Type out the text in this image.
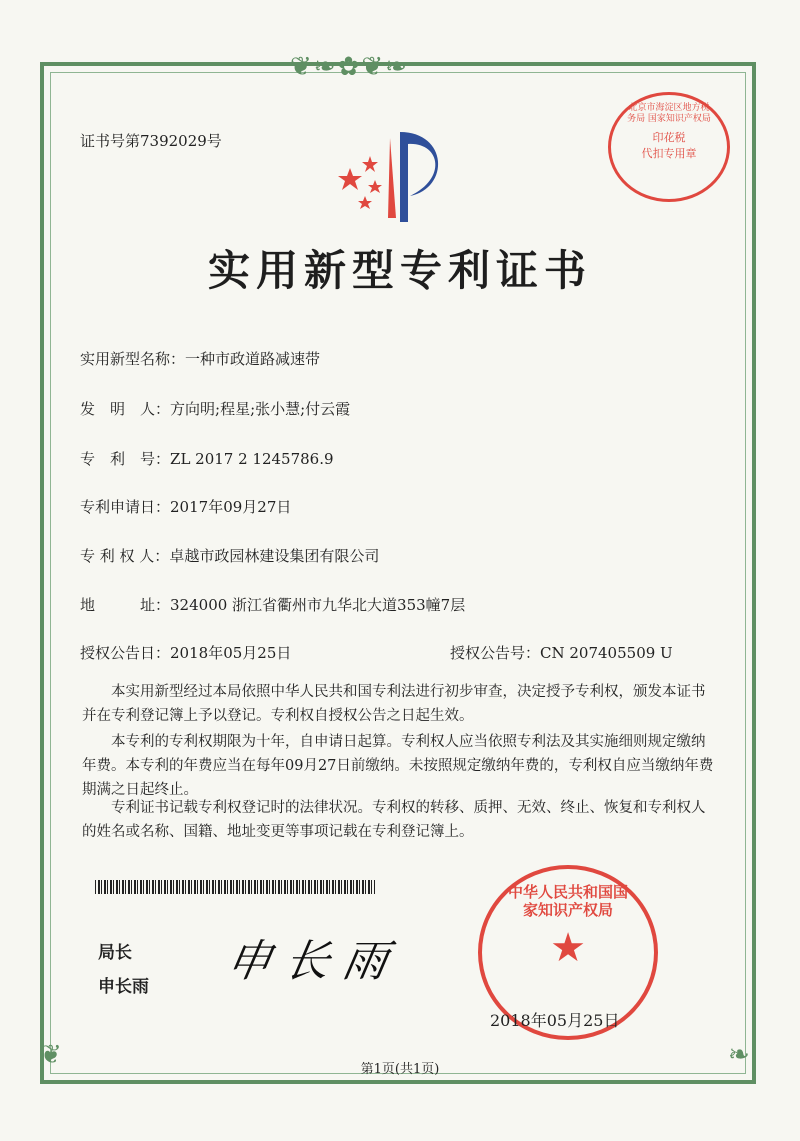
❦❧✿❦❧
❦	❧
证书号第7392029号
北京市海淀区地方税务局 国家知识产权局
印花税
代扣专用章
实用新型专利证书
实用新型名称：一种市政道路减速带
发　明　人：方向明;程星;张小慧;付云霞
专　利　号：ZL 2017 2 1245786.9
专利申请日：2017年09月27日
专 利 权 人：卓越市政园林建设集团有限公司
地　　　址：324000 浙江省衢州市九华北大道353幢7层
授权公告日：2018年05月25日	授权公告号：CN 207405509 U
本实用新型经过本局依照中华人民共和国专利法进行初步审查，决定授予专利权，颁发本证书并在专利登记簿上予以登记。专利权自授权公告之日起生效。
本专利的专利权期限为十年，自申请日起算。专利权人应当依照专利法及其实施细则规定缴纳年费。本专利的年费应当在每年09月27日前缴纳。未按照规定缴纳年费的，专利权自应当缴纳年费期满之日起终止。
专利证书记载专利权登记时的法律状况。专利权的转移、质押、无效、终止、恢复和专利权人的姓名或名称、国籍、地址变更等事项记载在专利登记簿上。
局长
申长雨 申长雨
中华人民共和国国家知识产权局
★
2018年05月25日
第1页(共1页)
